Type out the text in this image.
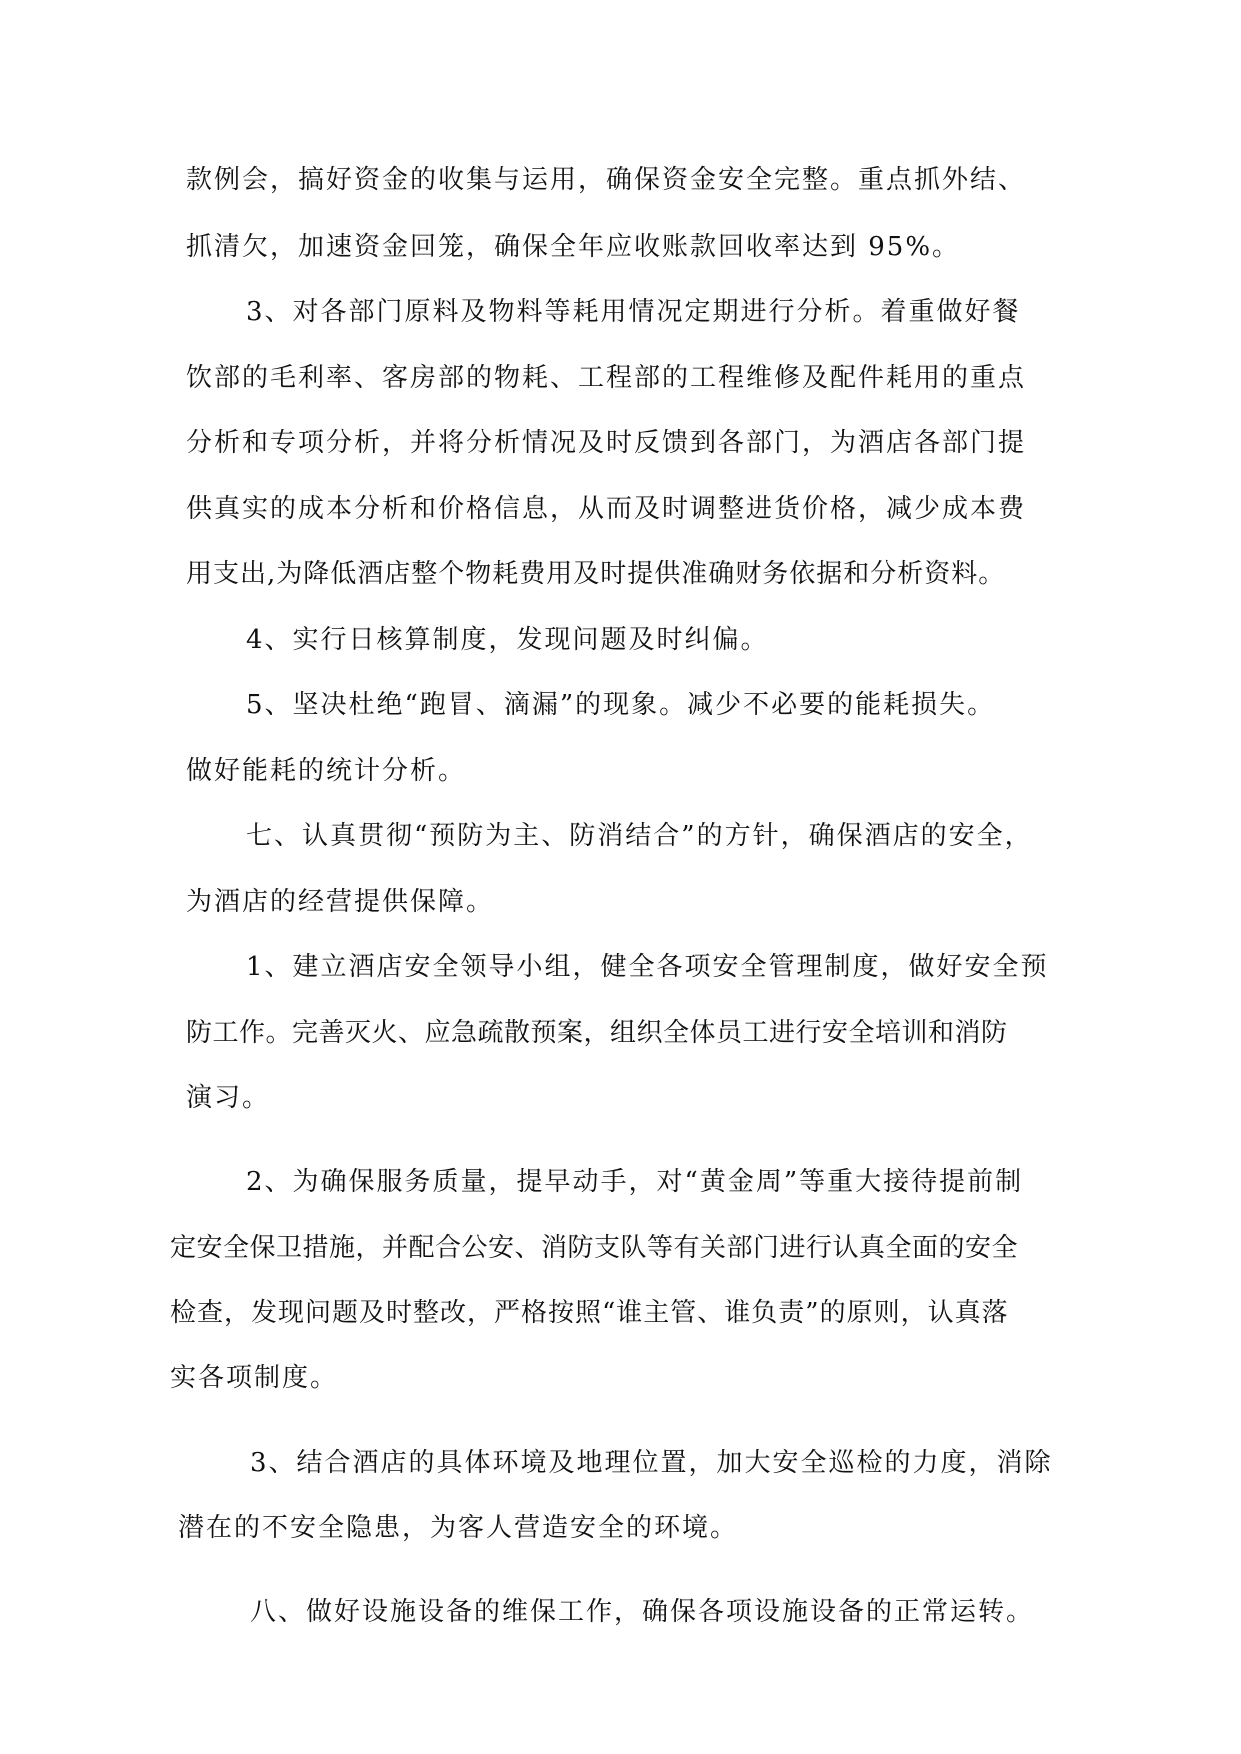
款例会，搞好资金的收集与运用，确保资金安全完整。重点抓外结、
抓清欠，加速资金回笼，确保全年应收账款回收率达到 95%。
3、对各部门原料及物料等耗用情况定期进行分析。着重做好餐
饮部的毛利率、客房部的物耗、工程部的工程维修及配件耗用的重点
分析和专项分析，并将分析情况及时反馈到各部门，为酒店各部门提
供真实的成本分析和价格信息，从而及时调整进货价格，减少成本费
用支出,为降低酒店整个物耗费用及时提供准确财务依据和分析资料。
4、实行日核算制度，发现问题及时纠偏。
5、坚决杜绝“跑冒、滴漏”的现象。减少不必要的能耗损失。
做好能耗的统计分析。
七、认真贯彻“预防为主、防消结合”的方针，确保酒店的安全，
为酒店的经营提供保障。
1、建立酒店安全领导小组，健全各项安全管理制度，做好安全预
防工作。完善灭火、应急疏散预案，组织全体员工进行安全培训和消防
演习。
2、为确保服务质量，提早动手，对“黄金周”等重大接待提前制
定安全保卫措施，并配合公安、消防支队等有关部门进行认真全面的安全
检查，发现问题及时整改，严格按照“谁主管、谁负责”的原则，认真落
实各项制度。
3、结合酒店的具体环境及地理位置，加大安全巡检的力度，消除
潜在的不安全隐患，为客人营造安全的环境。
八、做好设施设备的维保工作，确保各项设施设备的正常运转。
